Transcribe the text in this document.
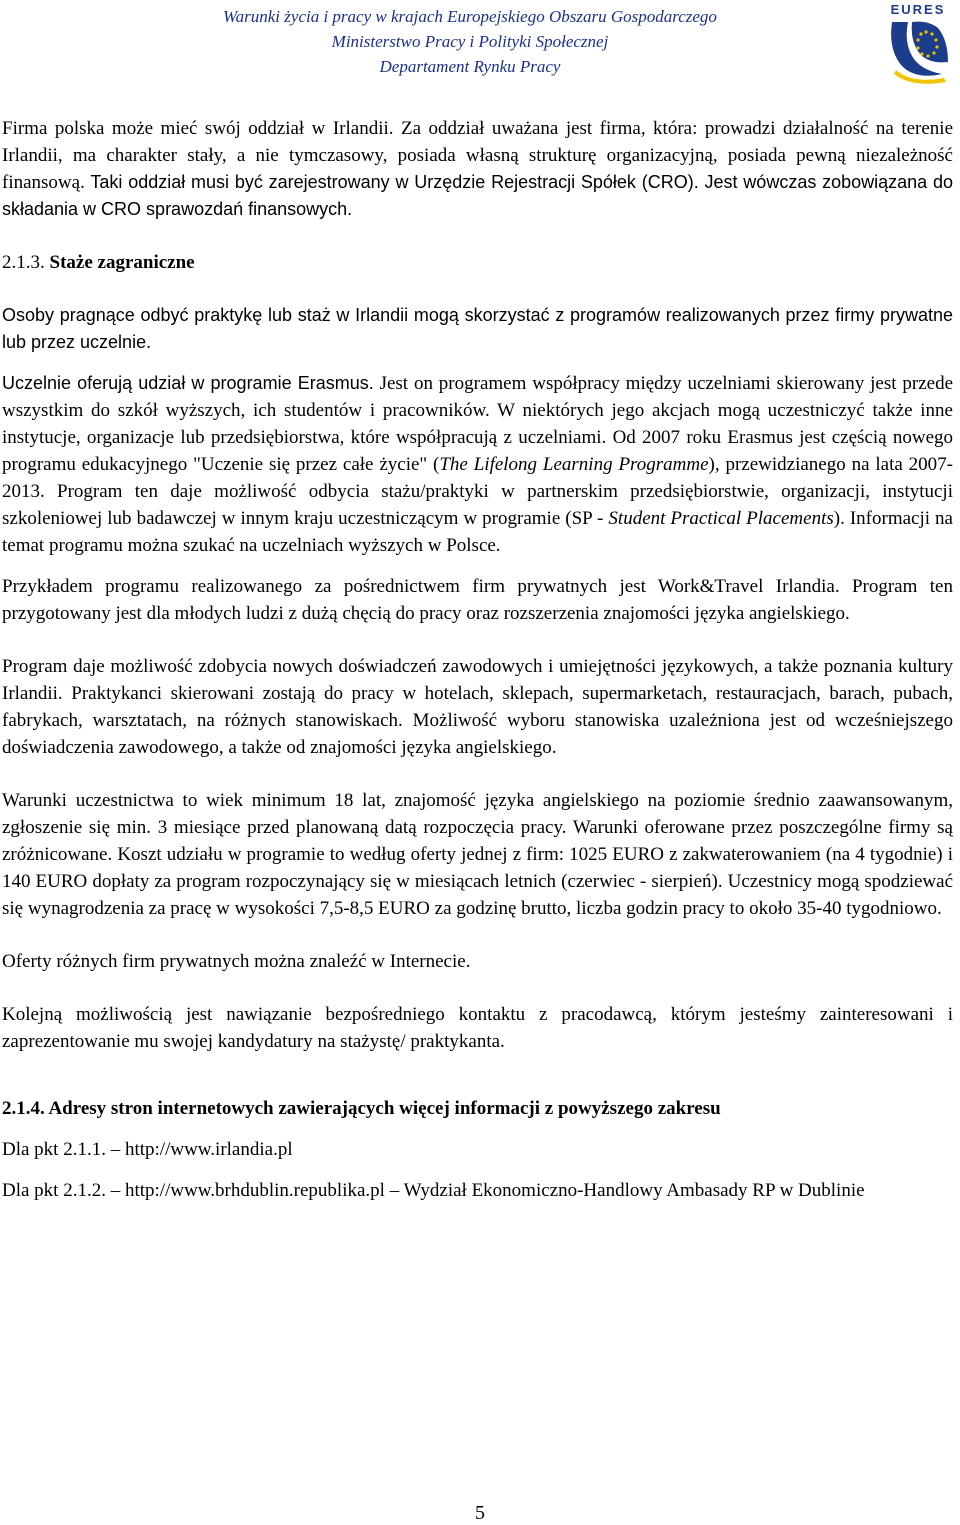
Warunki życia i pracy w krajach Europejskiego Obszaru Gospodarczego
Ministerstwo Pracy i Polityki Społecznej
Departament Rynku Pracy
EURES

Firma polska może mieć swój oddział w Irlandii. Za oddział uważana jest firma, która: prowadzi działalność na terenie Irlandii, ma charakter stały, a nie tymczasowy, posiada własną strukturę organizacyjną, posiada pewną niezależność finansową. Taki oddział musi być zarejestrowany w Urzędzie Rejestracji Spółek (CRO). Jest wówczas zobowiązana do składania w CRO sprawozdań finansowych.

2.1.3. Staże zagraniczne

Osoby pragnące odbyć praktykę lub staż w Irlandii mogą skorzystać z programów realizowanych przez firmy prywatne lub przez uczelnie.

Uczelnie oferują udział w programie Erasmus. Jest on programem współpracy między uczelniami skierowany jest przede wszystkim do szkół wyższych, ich studentów i pracowników. W niektórych jego akcjach mogą uczestniczyć także inne instytucje, organizacje lub przedsiębiorstwa, które współpracują z uczelniami. Od 2007 roku Erasmus jest częścią nowego programu edukacyjnego "Uczenie się przez całe życie" (The Lifelong Learning Programme), przewidzianego na lata 2007-2013. Program ten daje możliwość odbycia stażu/praktyki w partnerskim przedsiębiorstwie, organizacji, instytucji szkoleniowej lub badawczej w innym kraju uczestniczącym w programie (SP - Student Practical Placements). Informacji na temat programu można szukać na uczelniach wyższych w Polsce.

Przykładem programu realizowanego za pośrednictwem firm prywatnych jest Work&Travel Irlandia. Program ten przygotowany jest dla młodych ludzi z dużą chęcią do pracy oraz rozszerzenia znajomości języka angielskiego.

Program daje możliwość zdobycia nowych doświadczeń zawodowych i umiejętności językowych, a także poznania kultury Irlandii. Praktykanci skierowani zostają do pracy w hotelach, sklepach, supermarketach, restauracjach, barach, pubach, fabrykach, warsztatach, na różnych stanowiskach. Możliwość wyboru stanowiska uzależniona jest od wcześniejszego doświadczenia zawodowego, a także od znajomości języka angielskiego.

Warunki uczestnictwa to wiek minimum 18 lat, znajomość języka angielskiego na poziomie średnio zaawansowanym, zgłoszenie się min. 3 miesiące przed planowaną datą rozpoczęcia pracy. Warunki oferowane przez poszczególne firmy są zróżnicowane. Koszt udziału w programie to według oferty jednej z firm: 1025 EURO z zakwaterowaniem (na 4 tygodnie) i 140 EURO dopłaty za program rozpoczynający się w miesiącach letnich (czerwiec - sierpień). Uczestnicy mogą spodziewać się wynagrodzenia za pracę w wysokości 7,5-8,5 EURO za godzinę brutto, liczba godzin pracy to około 35-40 tygodniowo.

Oferty różnych firm prywatnych można znaleźć w Internecie.

Kolejną możliwością jest nawiązanie bezpośredniego kontaktu z pracodawcą, którym jesteśmy zainteresowani i zaprezentowanie mu swojej kandydatury na stażystę/ praktykanta.

2.1.4. Adresy stron internetowych zawierających więcej informacji z powyższego zakresu

Dla pkt 2.1.1. – http://www.irlandia.pl

Dla pkt 2.1.2. – http://www.brhdublin.republika.pl – Wydział Ekonomiczno-Handlowy Ambasady RP w Dublinie

5
